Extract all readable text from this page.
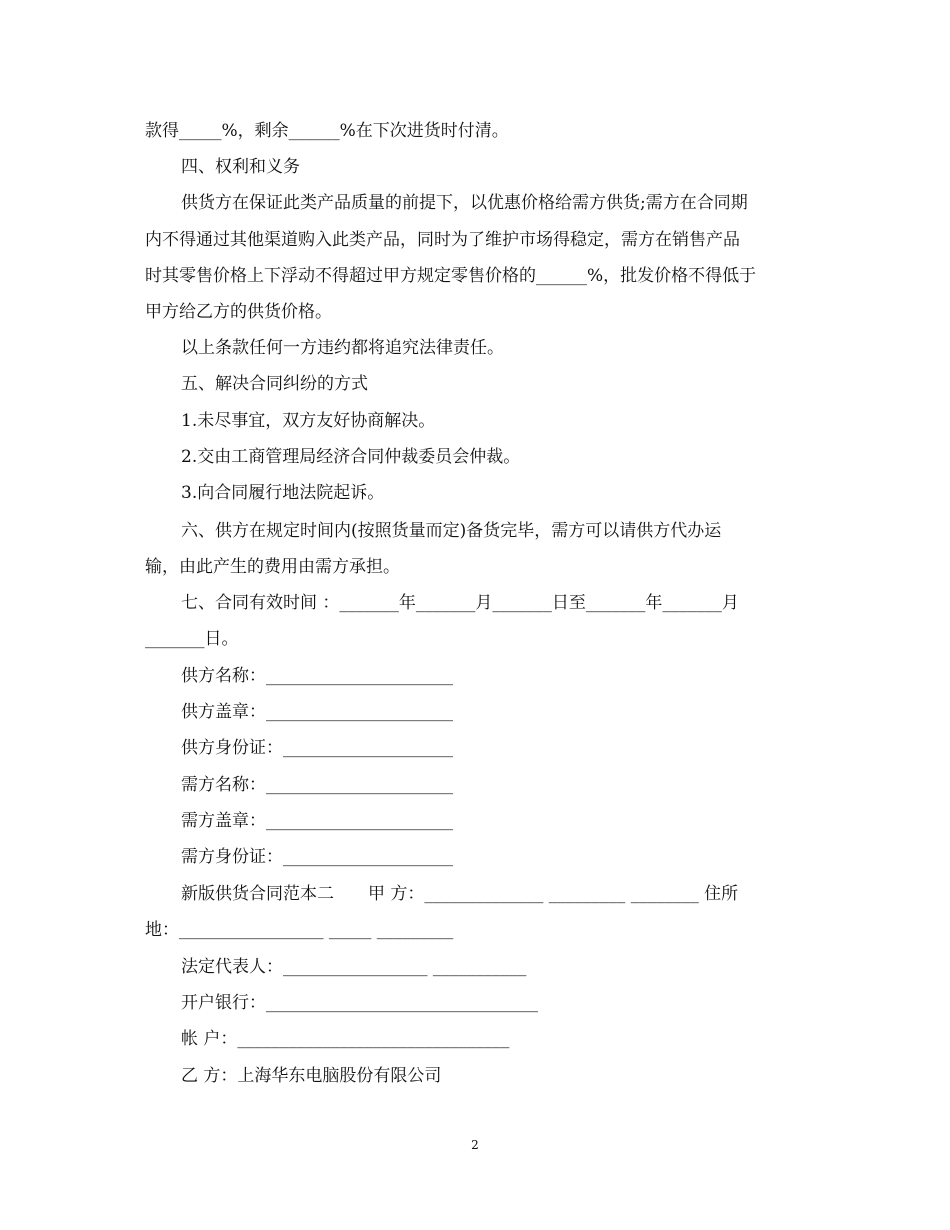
款得_____%，剩余______%在下次进货时付清。
四、权利和义务
供货方在保证此类产品质量的前提下，以优惠价格给需方供货;需方在合同期
内不得通过其他渠道购入此类产品，同时为了维护市场得稳定，需方在销售产品
时其零售价格上下浮动不得超过甲方规定零售价格的______%，批发价格不得低于
甲方给乙方的供货价格。
以上条款任何一方违约都将追究法律责任。
五、解决合同纠纷的方式
1.未尽事宜，双方友好协商解决。
2.交由工商管理局经济合同仲裁委员会仲裁。
3.向合同履行地法院起诉。
六、供方在规定时间内(按照货量而定)备货完毕，需方可以请供方代办运
输，由此产生的费用由需方承担。
七、合同有效时间 ：_______年_______月_______日至_______年_______月
_______日。
供方名称：______________________
供方盖章：______________________
供方身份证：____________________
需方名称：______________________
需方盖章：______________________
需方身份证：____________________
新版供货合同范本二　　甲 方：______________ _________ ________ 住所
地：_________________ _____ _________
法定代表人：_________________ ___________
开户银行：________________________________
帐 户：________________________________
乙 方：上海华东电脑股份有限公司
2
